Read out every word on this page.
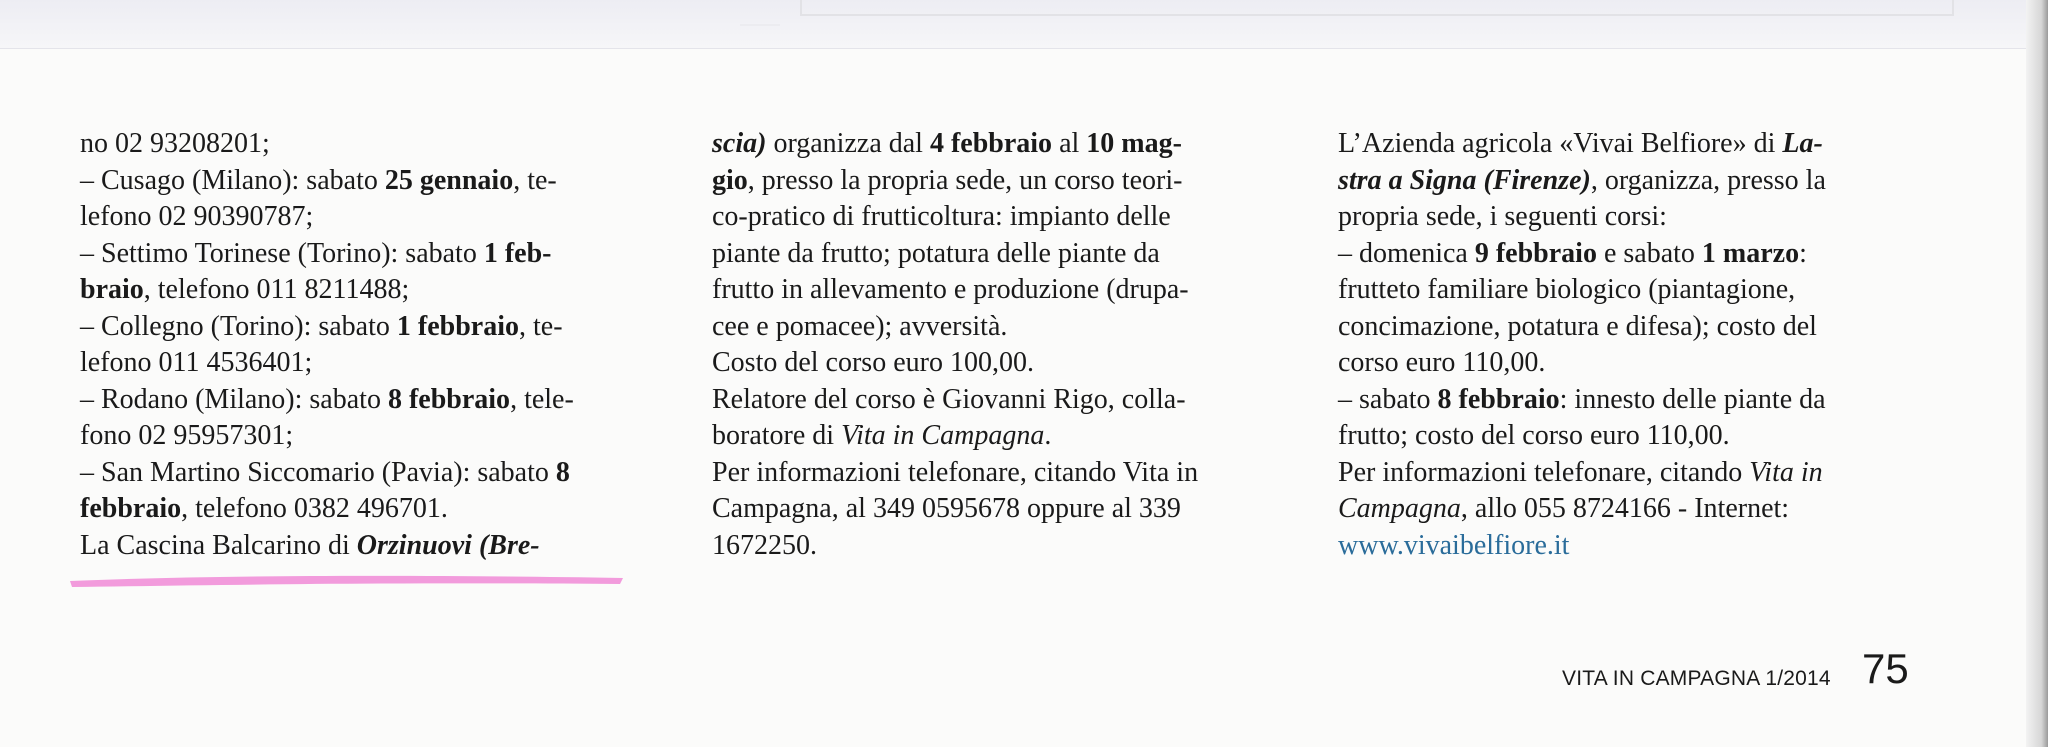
no 02 93208201;

– Cusago (Milano): sabato 25 gennaio, te-

lefono 02 90390787;

– Settimo Torinese (Torino): sabato 1 feb-

braio, telefono 011 8211488;

– Collegno (Torino): sabato 1 febbraio, te-

lefono 011 4536401;

– Rodano (Milano): sabato 8 febbraio, tele-

fono 02 95957301;

– San Martino Siccomario (Pavia): sabato 8

febbraio, telefono 0382 496701.

La Cascina Balcarino di Orzinuovi (Bre-

scia) organizza dal 4 febbraio al 10 mag-

gio, presso la propria sede, un corso teori-

co-pratico di frutticoltura: impianto delle

piante da frutto; potatura delle piante da

frutto in allevamento e produzione (drupa-

cee e pomacee); avversità.

Costo del corso euro 100,00.

Relatore del corso è Giovanni Rigo, colla-

boratore di Vita in Campagna.

Per informazioni telefonare, citando Vita in

Campagna, al 349 0595678 oppure al 339

1672250.

L’Azienda agricola «Vivai Belfiore» di La-

stra a Signa (Firenze), organizza, presso la

propria sede, i seguenti corsi:

– domenica 9 febbraio e sabato 1 marzo:

frutteto familiare biologico (piantagione,

concimazione, potatura e difesa); costo del

corso euro 110,00.

– sabato 8 febbraio: innesto delle piante da

frutto; costo del corso euro 110,00.

Per informazioni telefonare, citando Vita in

Campagna, allo 055 8724166 - Internet:

www.vivaibelfiore.it

VITA IN CAMPAGNA 1/2014 75
